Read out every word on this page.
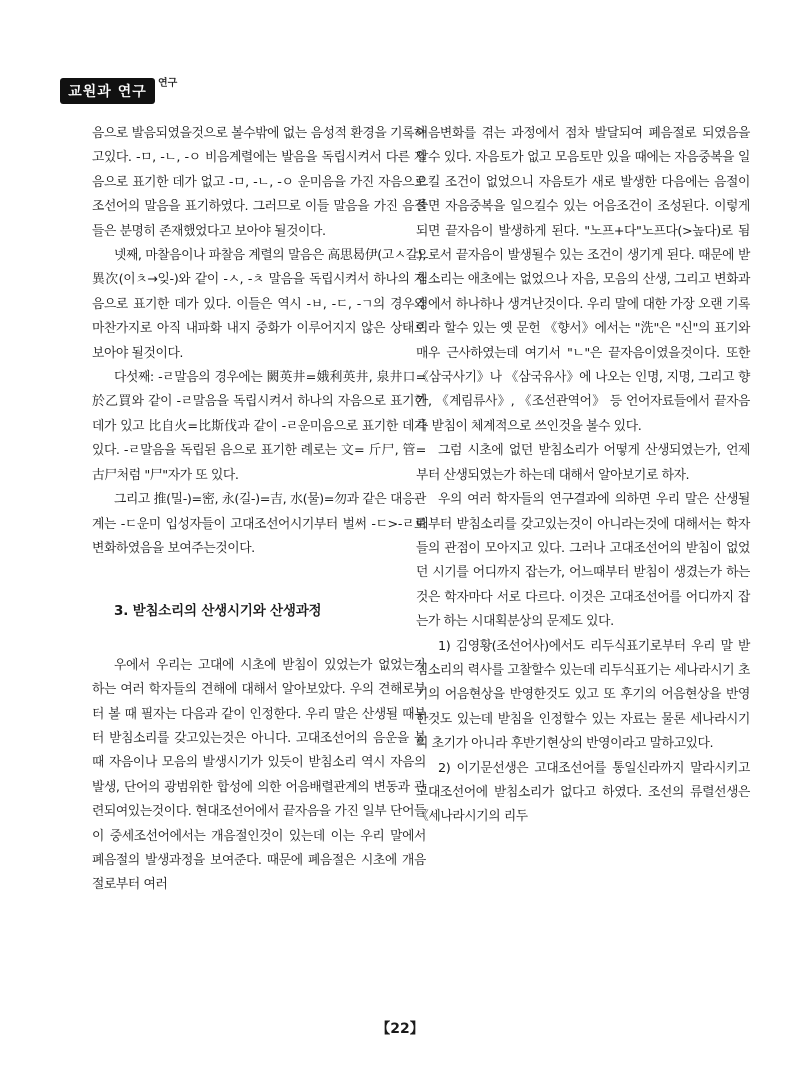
교원과 연구
연구

음으로 발음되였을것으로 볼수밖에 없는 음성적 환경을 기록하고있다. -ㅁ, -ㄴ, -ㅇ 비음계렬에는 발음을 독립시켜서 다른 자음으로 표기한 데가 없고 -ㅁ, -ㄴ, -ㅇ 운미음을 가진 자음으로 조선어의 말음을 표기하였다. 그러므로 이들 말음을 가진 음절들은 분명히 존재했었다고 보아야 될것이다.

넷째, 마찰음이나 파찰음 계렬의 말음은 高思曷伊(고ㅅ갈), 異次(이ㅊ→잊-)와 같이 -ㅅ, -ㅊ 말음을 독립시켜서 하나의 자음으로 표기한 데가 있다. 이들은 역시 -ㅂ, -ㄷ, -ㄱ의 경우와 마찬가지로 아직 내파화 내지 중화가 이루어지지 않은 상태로 보아야 될것이다.

다섯째: -ㄹ말음의 경우에는 闕英井=娥利英井, 泉井口=於乙買와 같이 -ㄹ말음을 독립시켜서 하나의 자음으로 표기한 데가 있고 比自火=比斯伐과 같이 -ㄹ운미음으로 표기한 데가 있다. -ㄹ말음을 독립된 음으로 표기한 례로는 文= 斤尸, 管=古尸처럼 "尸"자가 또 있다.

그리고 推(밀-)=密, 永(길-)=吉, 水(물)=勿과 같은 대응관계는 -ㄷ운미 입성자들이 고대조선어시기부터 벌써 -ㄷ>-ㄹ로 변화하였음을 보여주는것이다.

3. 받침소리의 산생시기와 산생과정

우에서 우리는 고대에 시초에 받침이 있었는가 없었는가 하는 여러 학자들의 견해에 대해서 알아보았다. 우의 견해로부터 볼 때 필자는 다음과 같이 인정한다. 우리 말은 산생될 때부터 받침소리를 갖고있는것은 아니다. 고대조선어의 음운을 볼 때 자음이나 모음의 발생시기가 있듯이 받침소리 역시 자음의 발생, 단어의 광범위한 합성에 의한 어음배렬관계의 변동과 관련되여있는것이다. 현대조선어에서 끝자음을 가진 일부 단어들이 중세조선어에서는 개음절인것이 있는데 이는 우리 말에서 폐음절의 발생과정을 보여준다. 때문에 폐음절은 시초에 개음절로부터 여러

어음변화를 겪는 과정에서 점차 발달되여 폐음절로 되였음을 알수 있다. 자음토가 없고 모음토만 있을 때에는 자음중복을 일으킬 조건이 없었으니 자음토가 새로 발생한 다음에는 음절이 줄면 자음중복을 일으킬수 있는 어음조건이 조성된다. 이렇게 되면 끝자음이 발생하게 된다. "노프+다"노프다(>높다)로 됨으로서 끝자음이 발생될수 있는 조건이 생기게 된다. 때문에 받침소리는 애초에는 없었으나 자음, 모음의 산생, 그리고 변화과정에서 하나하나 생겨난것이다. 우리 말에 대한 가장 오랜 기록이라 할수 있는 옛 문헌 《향서》에서는 "洗"은 "신"의 표기와 매우 근사하였는데 여기서 "ㄴ"은 끝자음이였을것이다. 또한 《삼국사기》나 《삼국유사》에 나오는 인명, 지명, 그리고 향가, 《계림류사》, 《조선관역어》 등 언어자료들에서 끝자음 즉 받침이 체계적으로 쓰인것을 볼수 있다.

그럼 시초에 없던 받침소리가 어떻게 산생되였는가, 언제부터 산생되였는가 하는데 대해서 알아보기로 하자.

우의 여러 학자들의 연구결과에 의하면 우리 말은 산생될 때부터 받침소리를 갖고있는것이 아니라는것에 대해서는 학자들의 관점이 모아지고 있다. 그러나 고대조선어의 받침이 없었던 시기를 어디까지 잡는가, 어느때부터 받침이 생겼는가 하는것은 학자마다 서로 다르다. 이것은 고대조선어를 어디까지 잡는가 하는 시대획분상의 문제도 있다.

1) 김영황(조선어사)에서도 리두식표기로부터 우리 말 받침소리의 력사를 고찰할수 있는데 리두식표기는 세나라시기 초기의 어음현상을 반영한것도 있고 또 후기의 어음현상을 반영한것도 있는데 받침을 인정할수 있는 자료는 물론 세나라시기의 초기가 아니라 후반기현상의 반영이라고 말하고있다.

2) 이기문선생은 고대조선어를 통일신라까지 말라시키고 고대조선어에 받침소리가 없다고 하였다. 조선의 류렬선생은 《세나라시기의 리두

【22】
